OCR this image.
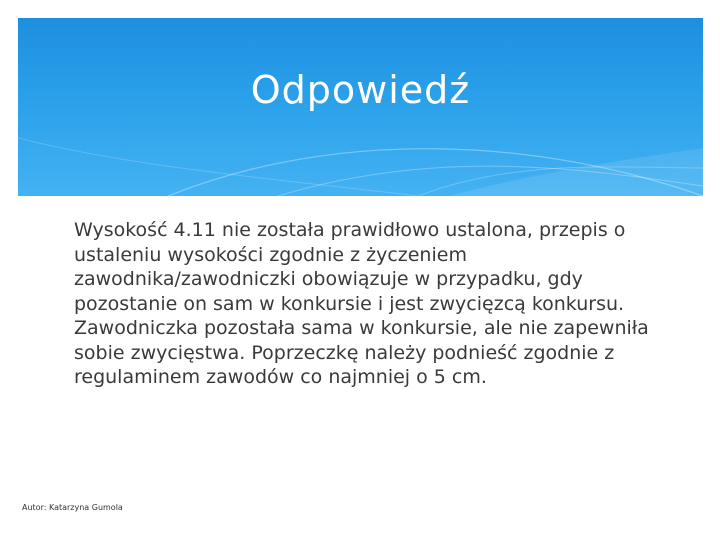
Odpowiedź

Wysokość 4.11 nie została prawidłowo ustalona, przepis o ustaleniu wysokości zgodnie z życzeniem zawodnika/zawodniczki obowiązuje w przypadku, gdy pozostanie on sam w konkursie i jest zwycięzcą konkursu.

Zawodniczka pozostała sama w konkursie, ale nie zapewniła sobie zwycięstwa. Poprzeczkę należy podnieść zgodnie z regulaminem zawodów co najmniej o 5 cm.

Autor: Katarzyna Gumola
